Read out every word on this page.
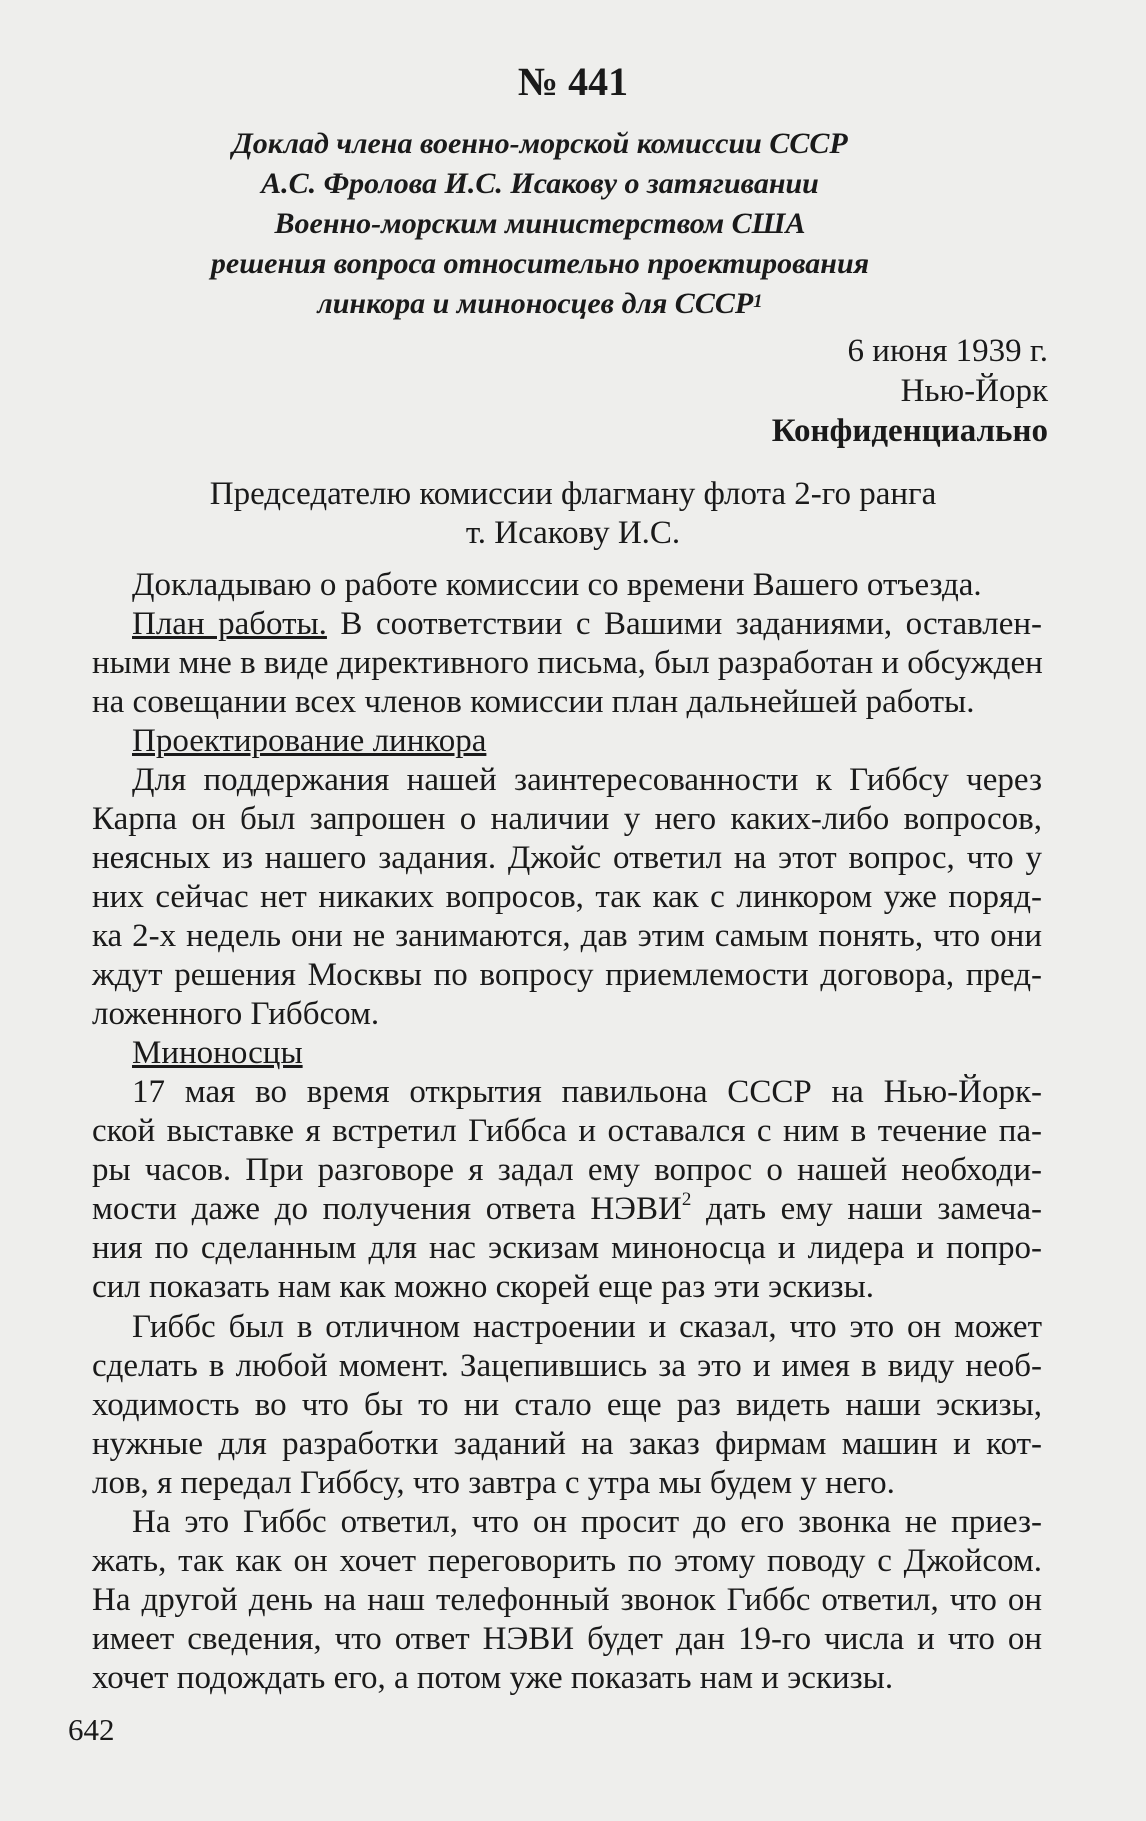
№ 441
Доклад члена военно-морской комиссии СССР
А.С. Фролова И.С. Исакову о затягивании
Военно-морским министерством США
решения вопроса относительно проектирования
линкора и миноносцев для СССР$^1$
6 июня 1939 г.
Нью-Йорк
Конфиденциально
Председателю комиссии флагману флота 2-го ранга
т. Исакову И.С.
Докладываю о работе комиссии со времени Вашего отъезда.
План работы. В соответствии с Вашими заданиями, оставлен-
ными мне в виде директивного письма, был разработан и обсужден
на совещании всех членов комиссии план дальнейшей работы.
Проектирование линкора
Для поддержания нашей заинтересованности к Гиббсу через
Карпа он был запрошен о наличии у него каких-либо вопросов,
неясных из нашего задания. Джойс ответил на этот вопрос, что у
них сейчас нет никаких вопросов, так как с линкором уже поряд-
ка 2-х недель они не занимаются, дав этим самым понять, что они
ждут решения Москвы по вопросу приемлемости договора, пред-
ложенного Гиббсом.
Миноносцы
17 мая во время открытия павильона СССР на Нью-Йорк-
ской выставке я встретил Гиббса и оставался с ним в течение па-
ры часов. При разговоре я задал ему вопрос о нашей необходи-
мости даже до получения ответа НЭВИ$^2$ дать ему наши замеча-
ния по сделанным для нас эскизам миноносца и лидера и попро-
сил показать нам как можно скорей еще раз эти эскизы.
Гиббс был в отличном настроении и сказал, что это он может
сделать в любой момент. Зацепившись за это и имея в виду необ-
ходимость во что бы то ни стало еще раз видеть наши эскизы,
нужные для разработки заданий на заказ фирмам машин и кот-
лов, я передал Гиббсу, что завтра с утра мы будем у него.
На это Гиббс ответил, что он просит до его звонка не приез-
жать, так как он хочет переговорить по этому поводу с Джойсом.
На другой день на наш телефонный звонок Гиббс ответил, что он
имеет сведения, что ответ НЭВИ будет дан 19-го числа и что он
хочет подождать его, а потом уже показать нам и эскизы.
642
